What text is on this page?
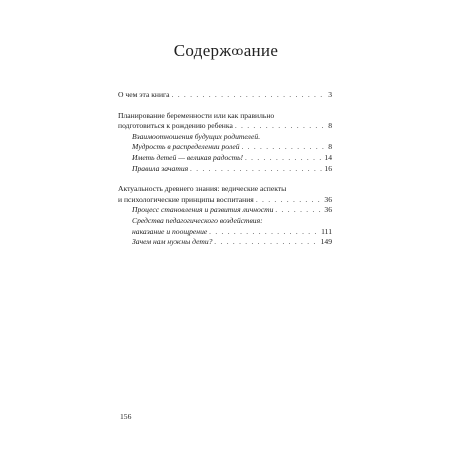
Содержꝏание
О чем эта книга . . .	3
Планирование беременности или как правильно
подготовиться к рождению ребенка . . .	8
Взаимоотношения будущих родителей.
Мудрость в распределении ролей . . .	8
Иметь детей — великая радость! . . .	14
Правила зачатия . . .	16
Актуальность древнего знания: ведические аспекты
и психологические принципы воспитания . . .	36
Процесс становления и развития личности . . .	36
Средства педагогического воздействия:
наказание и поощрение . . .	111
Зачем нам нужны дети? . . .	149
156
